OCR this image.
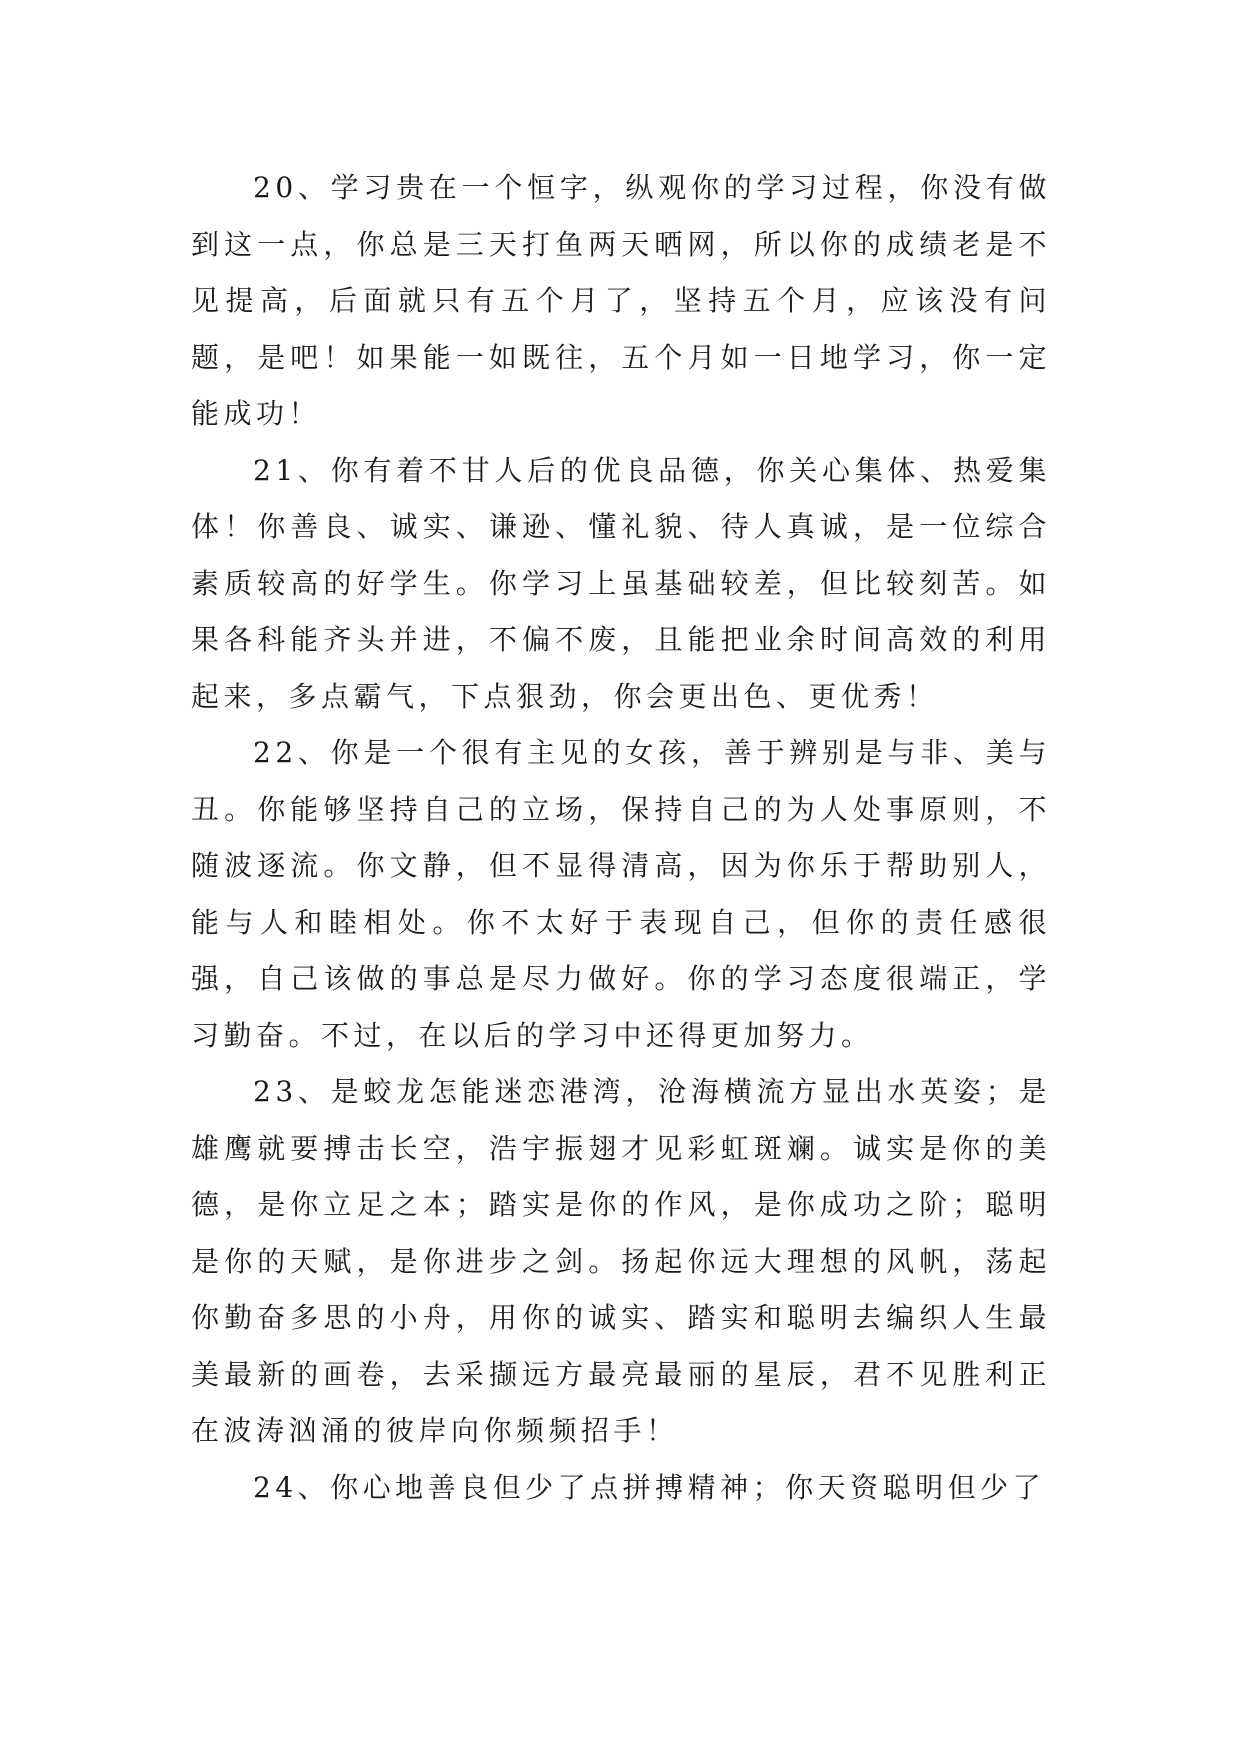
20、学习贵在一个恒字，纵观你的学习过程，你没有做到这一点，你总是三天打鱼两天晒网，所以你的成绩老是不见提高，后面就只有五个月了，坚持五个月，应该没有问题，是吧！如果能一如既往，五个月如一日地学习，你一定能成功！

21、你有着不甘人后的优良品德，你关心集体、热爱集体！你善良、诚实、谦逊、懂礼貌、待人真诚，是一位综合素质较高的好学生。你学习上虽基础较差，但比较刻苦。如果各科能齐头并进，不偏不废，且能把业余时间高效的利用起来，多点霸气，下点狠劲，你会更出色、更优秀！

22、你是一个很有主见的女孩，善于辨别是与非、美与丑。你能够坚持自己的立场，保持自己的为人处事原则，不随波逐流。你文静，但不显得清高，因为你乐于帮助别人，能与人和睦相处。你不太好于表现自己，但你的责任感很强，自己该做的事总是尽力做好。你的学习态度很端正，学习勤奋。不过，在以后的学习中还得更加努力。

23、是蛟龙怎能迷恋港湾，沧海横流方显出水英姿；是雄鹰就要搏击长空，浩宇振翅才见彩虹斑斓。诚实是你的美德，是你立足之本；踏实是你的作风，是你成功之阶；聪明是你的天赋，是你进步之剑。扬起你远大理想的风帆，荡起你勤奋多思的小舟，用你的诚实、踏实和聪明去编织人生最美最新的画卷，去采撷远方最亮最丽的星辰，君不见胜利正在波涛汹涌的彼岸向你频频招手！

24、你心地善良但少了点拼搏精神；你天资聪明但少了
